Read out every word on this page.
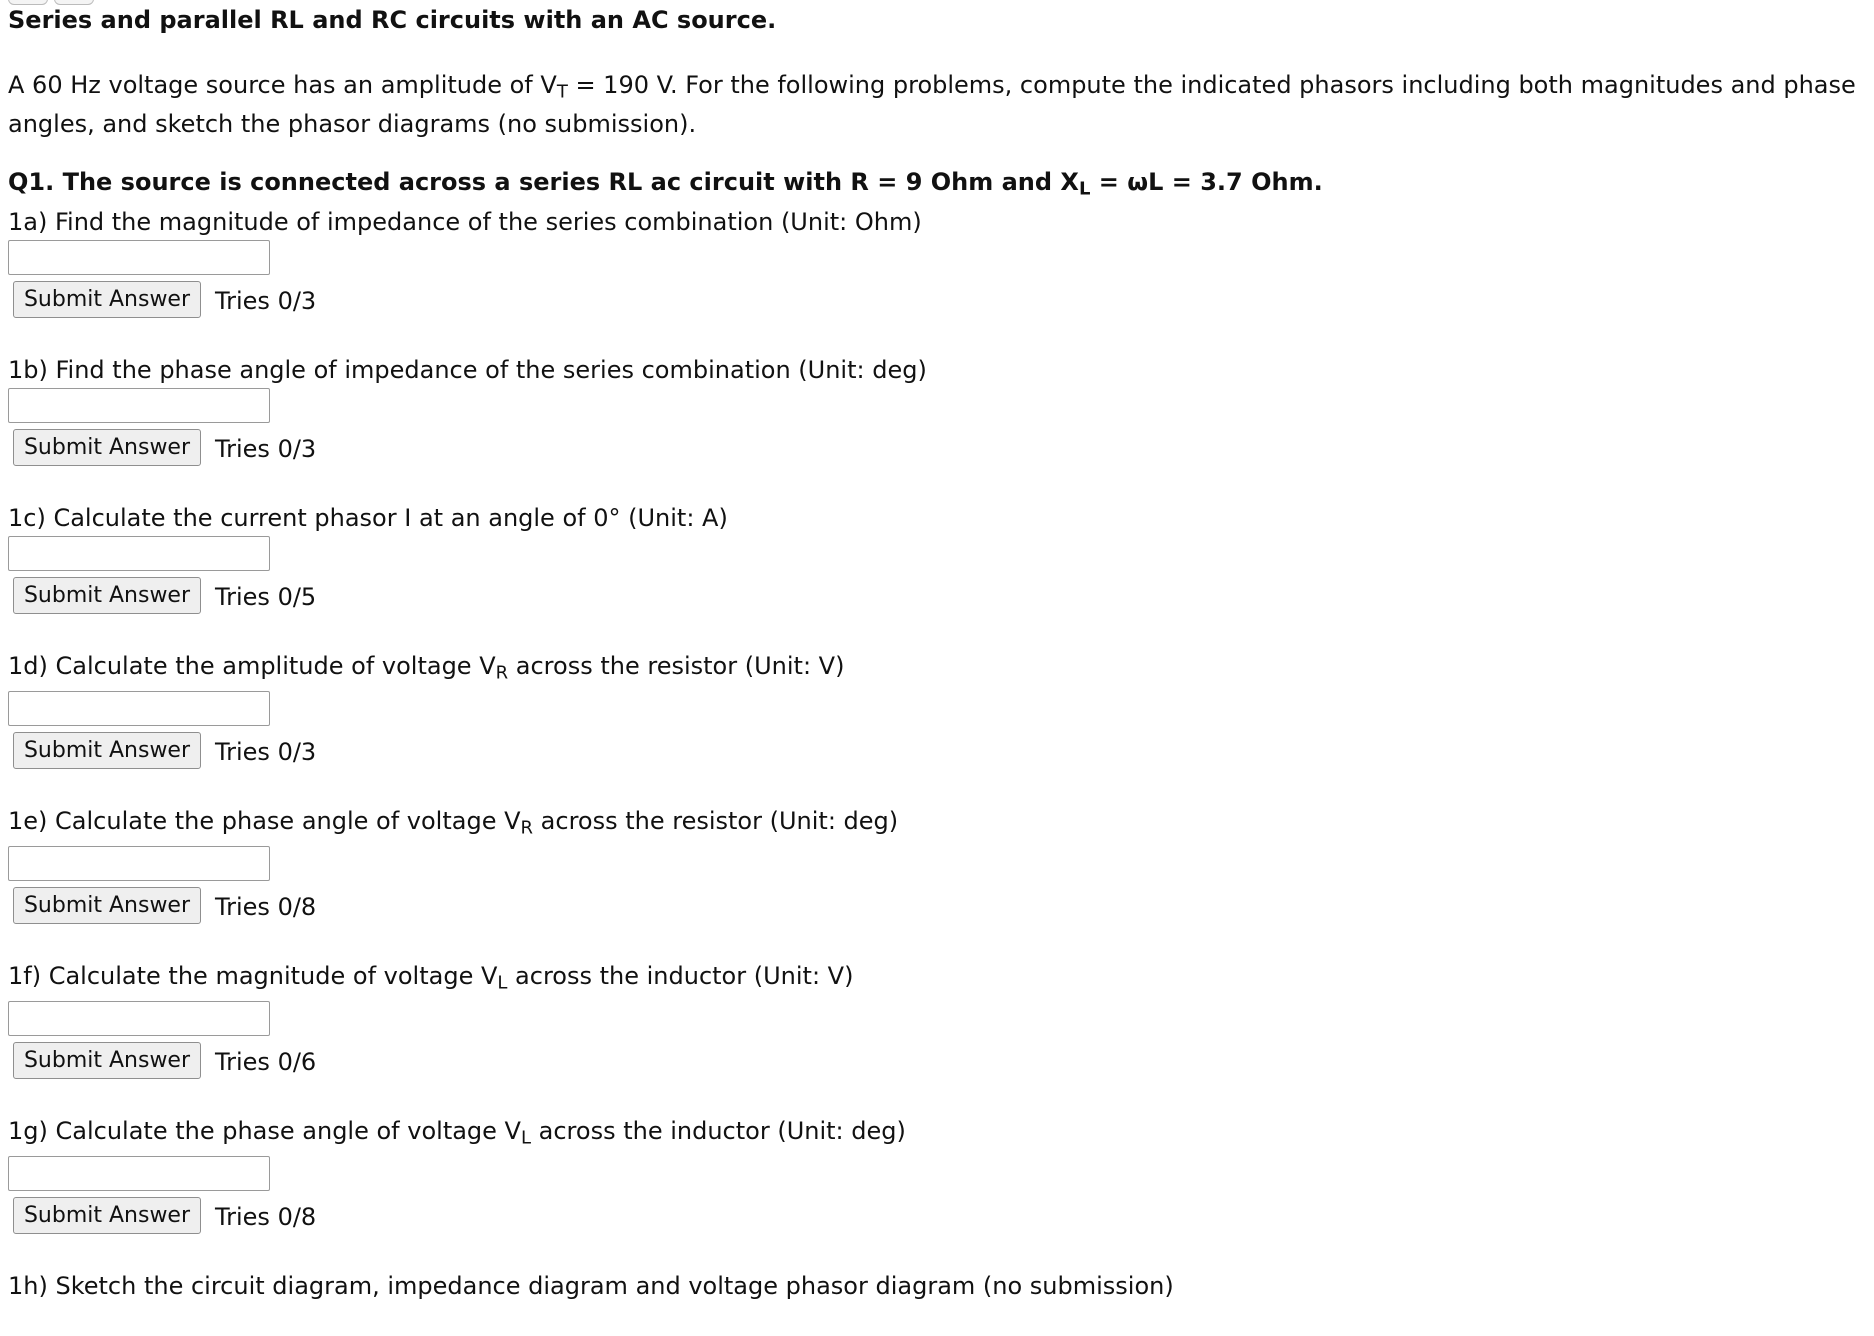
Series and parallel RL and RC circuits with an AC source.
A 60 Hz voltage source has an amplitude of $V_T = 190$ V. For the following problems, compute the indicated phasors including both magnitudes and phase angles, and sketch the phasor diagrams (no submission).
Q1. The source is connected across a series RL ac circuit with R = 9 Ohm and $X_L = \omega L = 3.7$ Ohm.
1a) Find the magnitude of impedance of the series combination (Unit: Ohm)
Submit Answer	Tries 0/3
1b) Find the phase angle of impedance of the series combination (Unit: deg)
Submit Answer	Tries 0/3
1c) Calculate the current phasor I at an angle of 0° (Unit: A)
Submit Answer	Tries 0/5
1d) Calculate the amplitude of voltage $V_R$ across the resistor (Unit: V)
Submit Answer	Tries 0/3
1e) Calculate the phase angle of voltage $V_R$ across the resistor (Unit: deg)
Submit Answer	Tries 0/8
1f) Calculate the magnitude of voltage $V_L$ across the inductor (Unit: V)
Submit Answer	Tries 0/6
1g) Calculate the phase angle of voltage $V_L$ across the inductor (Unit: deg)
Submit Answer	Tries 0/8
1h) Sketch the circuit diagram, impedance diagram and voltage phasor diagram (no submission)
